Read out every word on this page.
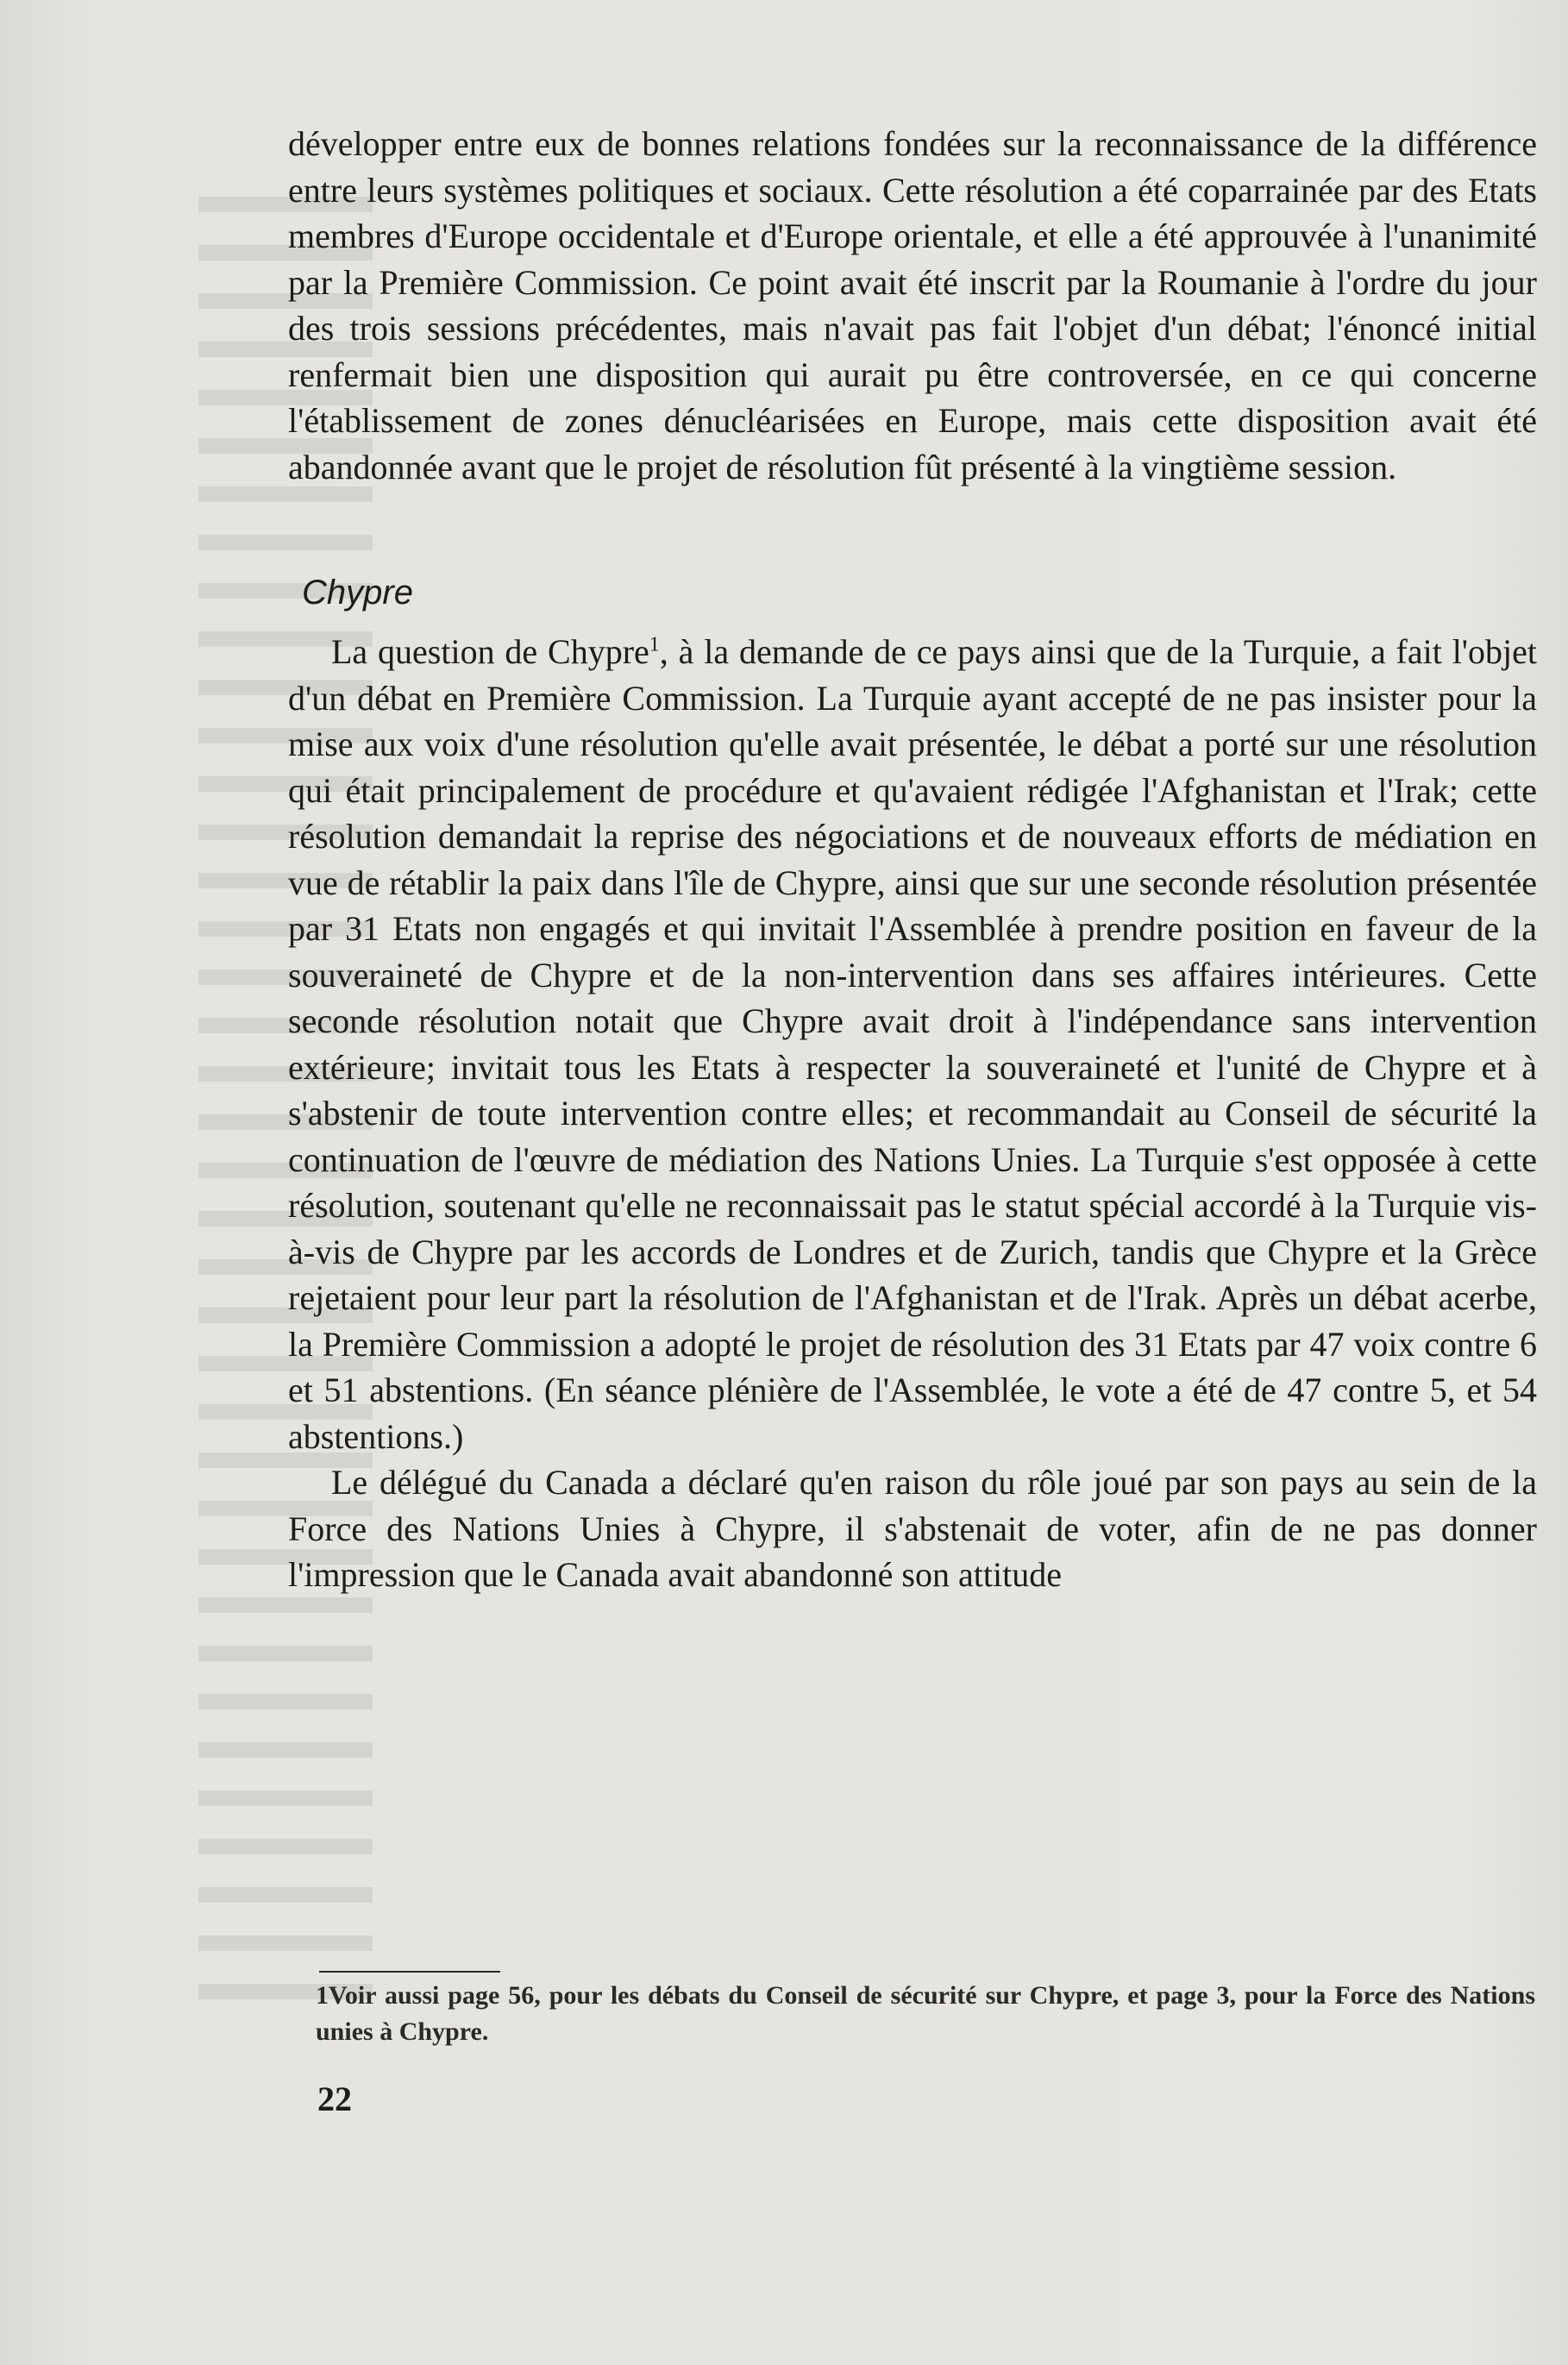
développer entre eux de bonnes relations fondées sur la reconnaissance de la différence entre leurs systèmes politiques et sociaux. Cette résolution a été coparrainée par des Etats membres d'Europe occidentale et d'Europe orientale, et elle a été approuvée à l'unanimité par la Première Commission. Ce point avait été inscrit par la Roumanie à l'ordre du jour des trois sessions précédentes, mais n'avait pas fait l'objet d'un débat; l'énoncé initial renfermait bien une disposition qui aurait pu être controversée, en ce qui concerne l'établissement de zones dénucléarisées en Europe, mais cette disposition avait été abandonnée avant que le projet de résolution fût présenté à la vingtième session.

Chypre

La question de Chypre$^1$, à la demande de ce pays ainsi que de la Turquie, a fait l'objet d'un débat en Première Commission. La Turquie ayant accepté de ne pas insister pour la mise aux voix d'une résolution qu'elle avait présentée, le débat a porté sur une résolution qui était principalement de procédure et qu'avaient rédigée l'Afghanistan et l'Irak; cette résolution demandait la reprise des négociations et de nouveaux efforts de médiation en vue de rétablir la paix dans l'île de Chypre, ainsi que sur une seconde résolution présentée par 31 Etats non engagés et qui invitait l'Assemblée à prendre position en faveur de la souveraineté de Chypre et de la non-intervention dans ses affaires intérieures. Cette seconde résolution notait que Chypre avait droit à l'indépendance sans intervention extérieure; invitait tous les Etats à respecter la souveraineté et l'unité de Chypre et à s'abstenir de toute intervention contre elles; et recommandait au Conseil de sécurité la continuation de l'œuvre de médiation des Nations Unies. La Turquie s'est opposée à cette résolution, soutenant qu'elle ne reconnaissait pas le statut spécial accordé à la Turquie vis-à-vis de Chypre par les accords de Londres et de Zurich, tandis que Chypre et la Grèce rejetaient pour leur part la résolution de l'Afghanistan et de l'Irak. Après un débat acerbe, la Première Commission a adopté le projet de résolution des 31 Etats par 47 voix contre 6 et 51 abstentions. (En séance plénière de l'Assemblée, le vote a été de 47 contre 5, et 54 abstentions.)

Le délégué du Canada a déclaré qu'en raison du rôle joué par son pays au sein de la Force des Nations Unies à Chypre, il s'abstenait de voter, afin de ne pas donner l'impression que le Canada avait abandonné son attitude

1Voir aussi page 56, pour les débats du Conseil de sécurité sur Chypre, et page 3, pour la Force des Nations unies à Chypre.
22
